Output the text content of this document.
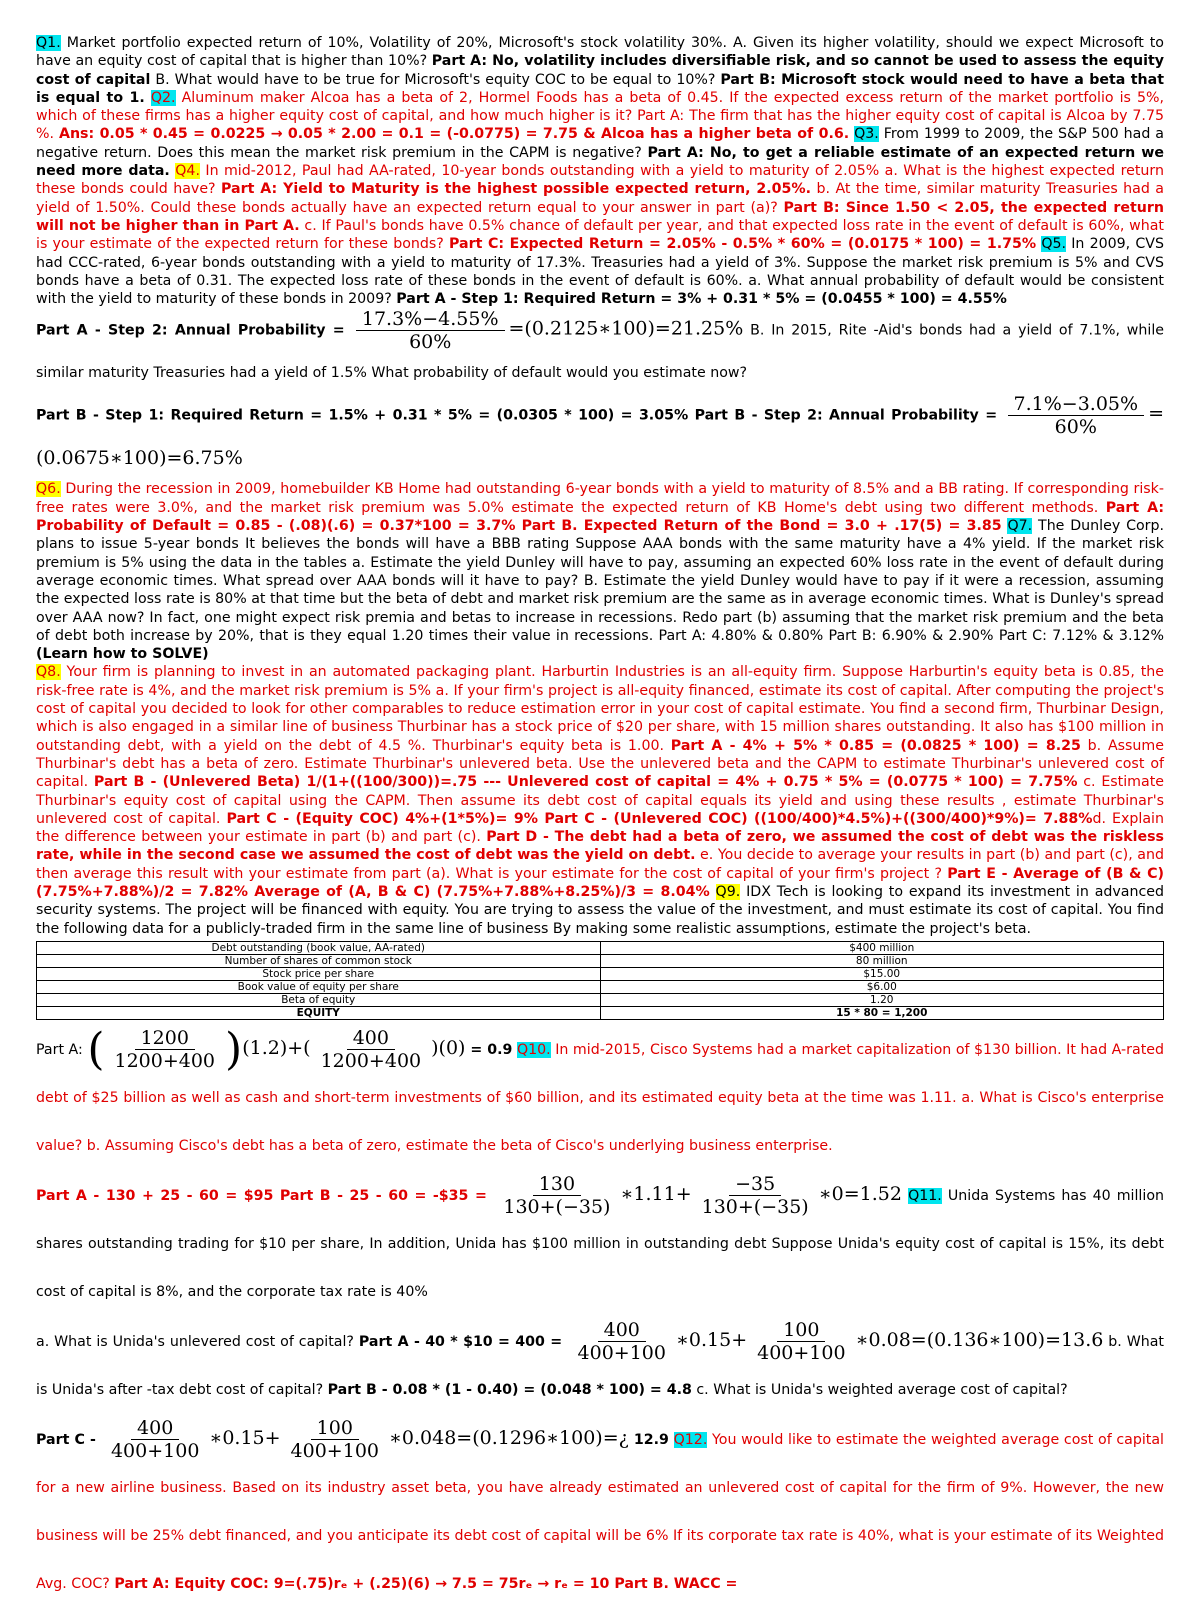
Q1. Market portfolio expected return of 10%, Volatility of 20%, Microsoft's stock volatility 30%. A. Given its higher volatility, should we expect Microsoft to have an equity cost of capital that is higher than 10%? Part A: No, volatility includes diversifiable risk, and so cannot be used to assess the equity cost of capital B. What would have to be true for Microsoft's equity COC to be equal to 10%? Part B: Microsoft stock would need to have a beta that is equal to 1. Q2. Aluminum maker Alcoa has a beta of 2, Hormel Foods has a beta of 0.45. If the expected excess return of the market portfolio is 5%, which of these firms has a higher equity cost of capital, and how much higher is it? Part A: The firm that has the higher equity cost of capital is Alcoa by 7.75 %. Ans: 0.05 * 0.45 = 0.0225 → 0.05 * 2.00 = 0.1 = (-0.0775) = 7.75 & Alcoa has a higher beta of 0.6. Q3. From 1999 to 2009, the S&P 500 had a negative return. Does this mean the market risk premium in the CAPM is negative? Part A: No, to get a reliable estimate of an expected return we need more data. Q4. In mid-2012, Paul had AA-rated, 10-year bonds outstanding with a yield to maturity of 2.05% a. What is the highest expected return these bonds could have? Part A: Yield to Maturity is the highest possible expected return, 2.05%. b. At the time, similar maturity Treasuries had a yield of 1.50%. Could these bonds actually have an expected return equal to your answer in part (a)? Part B: Since 1.50 < 2.05, the expected return will not be higher than in Part A. c. If Paul's bonds have 0.5% chance of default per year, and that expected loss rate in the event of default is 60%, what is your estimate of the expected return for these bonds? Part C: Expected Return = 2.05% - 0.5% * 60% = (0.0175 * 100) = 1.75% Q5. In 2009, CVS had CCC-rated, 6-year bonds outstanding with a yield to maturity of 17.3%. Treasuries had a yield of 3%. Suppose the market risk premium is 5% and CVS bonds have a beta of 0.31. The expected loss rate of these bonds in the event of default is 60%. a. What annual probability of default would be consistent with the yield to maturity of these bonds in 2009? Part A - Step 1: Required Return = 3% + 0.31 * 5% = (0.0455 * 100) = 4.55%

Part A - Step 2: Annual Probability = $\frac{17.3\%-4.55\%}{60\%}$ =(0.2125∗100)=21.25% B. In 2015, Rite -Aid's bonds had a yield of 7.1%, while similar maturity Treasuries had a yield of 1.5% What probability of default would you estimate now?

Part B - Step 1: Required Return = 1.5% + 0.31 * 5% = (0.0305 * 100) = 3.05% Part B - Step 2: Annual Probability = $\frac{7.1\%-3.05\%}{60\%}$ =(0.0675∗100)=6.75%

Q6. During the recession in 2009, homebuilder KB Home had outstanding 6-year bonds with a yield to maturity of 8.5% and a BB rating. If corresponding risk-free rates were 3.0%, and the market risk premium was 5.0% estimate the expected return of KB Home's debt using two different methods. Part A: Probability of Default = 0.85 - (.08)(.6) = 0.37*100 = 3.7% Part B. Expected Return of the Bond = 3.0 + .17(5) = 3.85 Q7. The Dunley Corp. plans to issue 5-year bonds It believes the bonds will have a BBB rating Suppose AAA bonds with the same maturity have a 4% yield. If the market risk premium is 5% using the data in the tables a. Estimate the yield Dunley will have to pay, assuming an expected 60% loss rate in the event of default during average economic times. What spread over AAA bonds will it have to pay? B. Estimate the yield Dunley would have to pay if it were a recession, assuming the expected loss rate is 80% at that time but the beta of debt and market risk premium are the same as in average economic times. What is Dunley's spread over AAA now? In fact, one might expect risk premia and betas to increase in recessions. Redo part (b) assuming that the market risk premium and the beta of debt both increase by 20%, that is they equal 1.20 times their value in recessions. Part A: 4.80% & 0.80% Part B: 6.90% & 2.90% Part C: 7.12% & 3.12% (Learn how to SOLVE)
Q8. Your firm is planning to invest in an automated packaging plant. Harburtin Industries is an all-equity firm. Suppose Harburtin's equity beta is 0.85, the risk-free rate is 4%, and the market risk premium is 5% a. If your firm's project is all-equity financed, estimate its cost of capital. After computing the project's cost of capital you decided to look for other comparables to reduce estimation error in your cost of capital estimate. You find a second firm, Thurbinar Design, which is also engaged in a similar line of business Thurbinar has a stock price of $20 per share, with 15 million shares outstanding. It also has $100 million in outstanding debt, with a yield on the debt of 4.5 %. Thurbinar's equity beta is 1.00. Part A - 4% + 5% * 0.85 = (0.0825 * 100) = 8.25 b. Assume Thurbinar's debt has a beta of zero. Estimate Thurbinar's unlevered beta. Use the unlevered beta and the CAPM to estimate Thurbinar's unlevered cost of capital. Part B - (Unlevered Beta) 1/(1+((100/300))=.75 --- Unlevered cost of capital = 4% + 0.75 * 5% = (0.0775 * 100) = 7.75% c. Estimate Thurbinar's equity cost of capital using the CAPM. Then assume its debt cost of capital equals its yield and using these results , estimate Thurbinar's unlevered cost of capital. Part C - (Equity COC) 4%+(1*5%)= 9% Part C - (Unlevered COC) ((100/400)*4.5%)+((300/400)*9%)= 7.88%d. Explain the difference between your estimate in part (b) and part (c). Part D - The debt had a beta of zero, we assumed the cost of debt was the riskless rate, while in the second case we assumed the cost of debt was the yield on debt. e. You decide to average your results in part (b) and part (c), and then average this result with your estimate from part (a). What is your estimate for the cost of capital of your firm's project ? Part E - Average of (B & C) (7.75%+7.88%)/2 = 7.82% Average of (A, B & C) (7.75%+7.88%+8.25%)/3 = 8.04% Q9. IDX Tech is looking to expand its investment in advanced security systems. The project will be financed with equity. You are trying to assess the value of the investment, and must estimate its cost of capital. You find the following data for a publicly-traded firm in the same line of business By making some realistic assumptions, estimate the project's beta.

Debt outstanding (book value, AA-rated)	$400 million
Number of shares of common stock	80 million
Stock price per share	$15.00
Book value of equity per share	$6.00
Beta of equity	1.20
EQUITY	15 * 80 = 1,200

Part A: ( $\frac{1200}{1200+400} )(1.2)+( \frac{400}{1200+400} )(0) = 0.9$ Q10. In mid-2015, Cisco Systems had a market capitalization of $130 billion. It had A-rated debt of $25 billion as well as cash and short-term investments of $60 billion, and its estimated equity beta at the time was 1.11. a. What is Cisco's enterprise value? b. Assuming Cisco's debt has a beta of zero, estimate the beta of Cisco's underlying business enterprise.

Part A - 130 + 25 - 60 = $95 Part B - 25 - 60 = -$35 = $\frac{130}{130+(-35)}$ ∗1.11+ $\frac{-35}{130+(-35)}$ ∗0=1.52 Q11. Unida Systems has 40 million shares outstanding trading for $10 per share, In addition, Unida has $100 million in outstanding debt Suppose Unida's equity cost of capital is 15%, its debt cost of capital is 8%, and the corporate tax rate is 40%

a. What is Unida's unlevered cost of capital? Part A - 40 * $10 = $400 = \frac{400}{400+100}$ ∗0.15+ $\frac{100}{400+100}$ ∗0.08=(0.136∗100)=13.6 b. What is Unida's after -tax debt cost of capital? Part B - 0.08 * (1 - 0.40) = (0.048 * 100) = 4.8 c. What is Unida's weighted average cost of capital?

Part C - $\frac{400}{400+100}$ ∗0.15+ $\frac{100}{400+100}$ ∗0.048=(0.1296∗100)=¿ 12.9 Q12. You would like to estimate the weighted average cost of capital for a new airline business. Based on its industry asset beta, you have already estimated an unlevered cost of capital for the firm of 9%. However, the new business will be 25% debt financed, and you anticipate its debt cost of capital will be 6% If its corporate tax rate is 40%, what is your estimate of its Weighted Avg. COC? Part A: Equity COC: 9=(.75)rₑ + (.25)(6) → 7.5 = 75rₑ → rₑ = 10 Part B. WACC =
